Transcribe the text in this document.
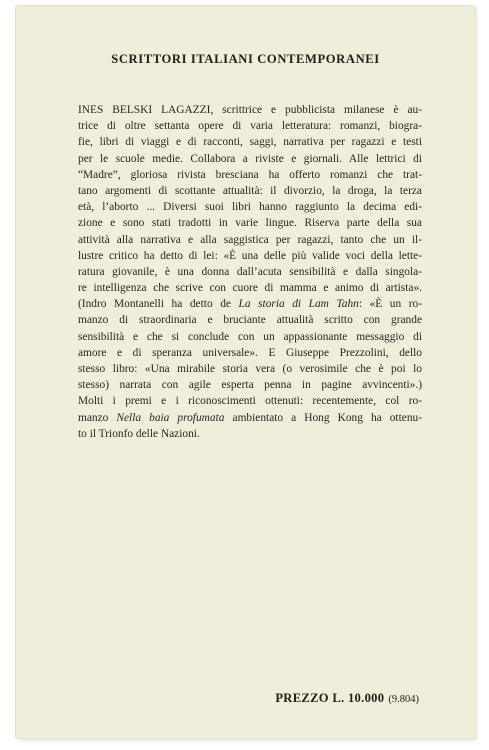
SCRITTORI ITALIANI CONTEMPORANEI
INES BELSKI LAGAZZI, scrittrice e pubblicista milanese è au-
trice di oltre settanta opere di varia letteratura: romanzi, biogra-
fie, libri di viaggi e di racconti, saggi, narrativa per ragazzi e testi
per le scuole medie. Collabora a riviste e giornali. Alle lettrici di
“Madre”, gloriosa rivista bresciana ha offerto romanzi che trat-
tano argomenti di scottante attualità: il divorzio, la droga, la terza
età, l’aborto ... Diversi suoi libri hanno raggiunto la decima edi-
zione e sono stati tradotti in varie lingue. Riserva parte della sua
attività alla narrativa e alla saggistica per ragazzi, tanto che un il-
lustre critico ha detto di lei: «È una delle più valide voci della lette-
ratura giovanile, è una donna dall’acuta sensibilità e dalla singola-
re intelligenza che scrive con cuore di mamma e animo di artista».
(Indro Montanelli ha detto de La storia di Lam Tahn: «È un ro-
manzo di straordinaria e bruciante attualità scritto con grande
sensibilità e che si conclude con un appassionante messaggio di
amore e di speranza universale». E Giuseppe Prezzolini, dello
stesso libro: «Una mirabile storia vera (o verosimile che è poi lo
stesso) narrata con agile esperta penna in pagine avvincenti».)
Molti i premi e i riconoscimenti ottenuti: recentemente, col ro-
manzo Nella baia profumata ambientato a Hong Kong ha ottenu-
to il Trionfo delle Nazioni.
PREZZO L. 10.000 (9.804)
